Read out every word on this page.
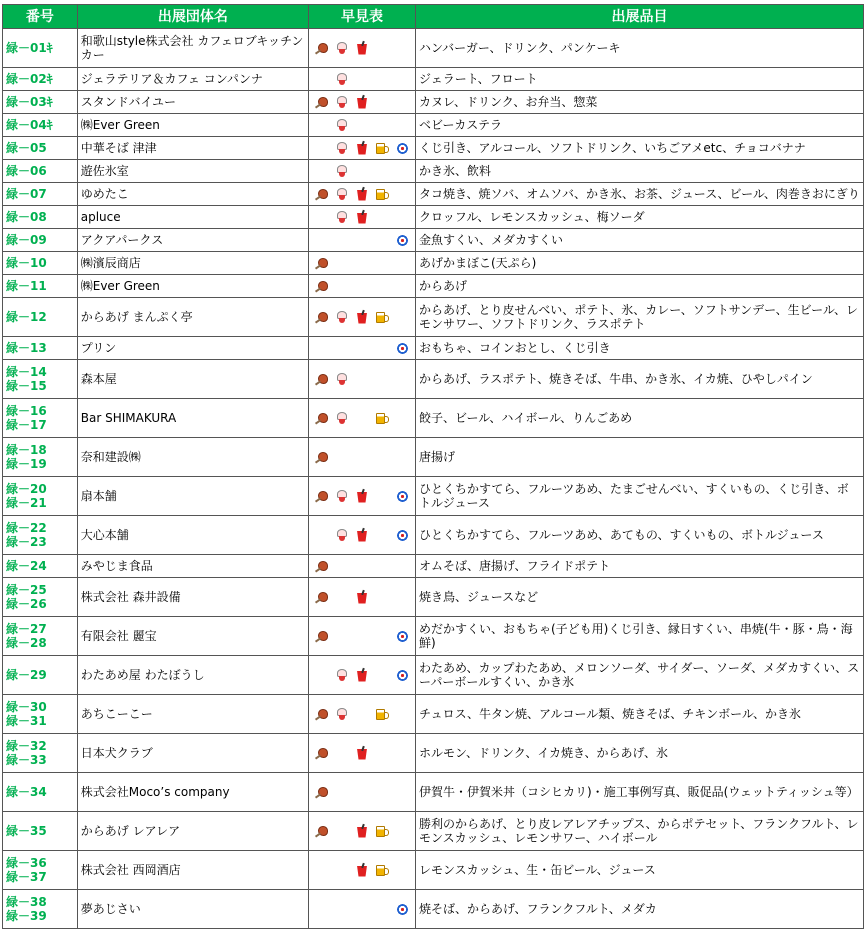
番号	出展団体名	早見表	出展品目

緑－01ｷ	和歌山style株式会社 カフェロブキッチンカー		ハンバーガー、ドリンク、パンケーキ

緑－02ｷ	ジェラテリア＆カフェ コンパンナ		ジェラート、フロート

緑－03ｷ	スタンドバイユー		カヌレ、ドリンク、お弁当、惣菜

緑－04ｷ	㈱Ever Green		ベビーカステラ

緑－05	中華そば 津津		くじ引き、アルコール、ソフトドリンク、いちごアメetc、チョコバナナ

緑－06	遊佐氷室		かき氷、飲料

緑－07	ゆめたこ		タコ焼き、焼ソバ、オムソバ、かき氷、お茶、ジュース、ビール、肉巻きおにぎり

緑－08	apluce		クロッフル、レモンスカッシュ、梅ソーダ

緑－09	アクアパークス		金魚すくい、メダカすくい

緑－10	㈱濱辰商店		あげかまぼこ(天ぷら)

緑－11	㈱Ever Green		からあげ

緑－12	からあげ まんぷく亭		からあげ、とり皮せんべい、ポテト、氷、カレー、ソフトサンデー、生ビール、レモンサワー、ソフトドリンク、ラスポテト

緑－13	プリン		おもちゃ、コインおとし、くじ引き

緑－14
緑－15	森本屋		からあげ、ラスポテト、焼きそば、牛串、かき氷、イカ焼、ひやしパイン

緑－16
緑－17	Bar SHIMAKURA		餃子、ビール、ハイボール、りんごあめ

緑－18
緑－19	奈和建設㈱		唐揚げ

緑－20
緑－21	扇本舗		ひとくちかすてら、フルーツあめ、たまごせんべい、すくいもの、くじ引き、ボトルジュース

緑－22
緑－23	大心本舗		ひとくちかすてら、フルーツあめ、あてもの、すくいもの、ボトルジュース

緑－24	みやじま食品		オムそば、唐揚げ、フライドポテト

緑－25
緑－26	株式会社 森井設備		焼き鳥、ジュースなど

緑－27
緑－28	有限会社 麗宝		めだかすくい、おもちゃ(子ども用)くじ引き、縁日すくい、串焼(牛・豚・鳥・海鮮)

緑－29	わたあめ屋 わたぼうし		わたあめ、カップわたあめ、メロンソーダ、サイダー、ソーダ、メダカすくい、スーパーボールすくい、かき氷

緑－30
緑－31	あちこーこー		チュロス、牛タン焼、アルコール類、焼きそば、チキンボール、かき氷

緑－32
緑－33	日本犬クラブ		ホルモン、ドリンク、イカ焼き、からあげ、氷

緑－34	株式会社Moco’s company		伊賀牛・伊賀米丼（コシヒカリ)・施工事例写真、販促品(ウェットティッシュ等）

緑－35	からあげ レアレア		勝利のからあげ、とり皮レアレアチップス、からポテセット、フランクフルト、レモンスカッシュ、レモンサワー、ハイボール

緑－36
緑－37	株式会社 西岡酒店		レモンスカッシュ、生・缶ビール、ジュース

緑－38
緑－39	夢あじさい		焼そば、からあげ、フランクフルト、メダカ
